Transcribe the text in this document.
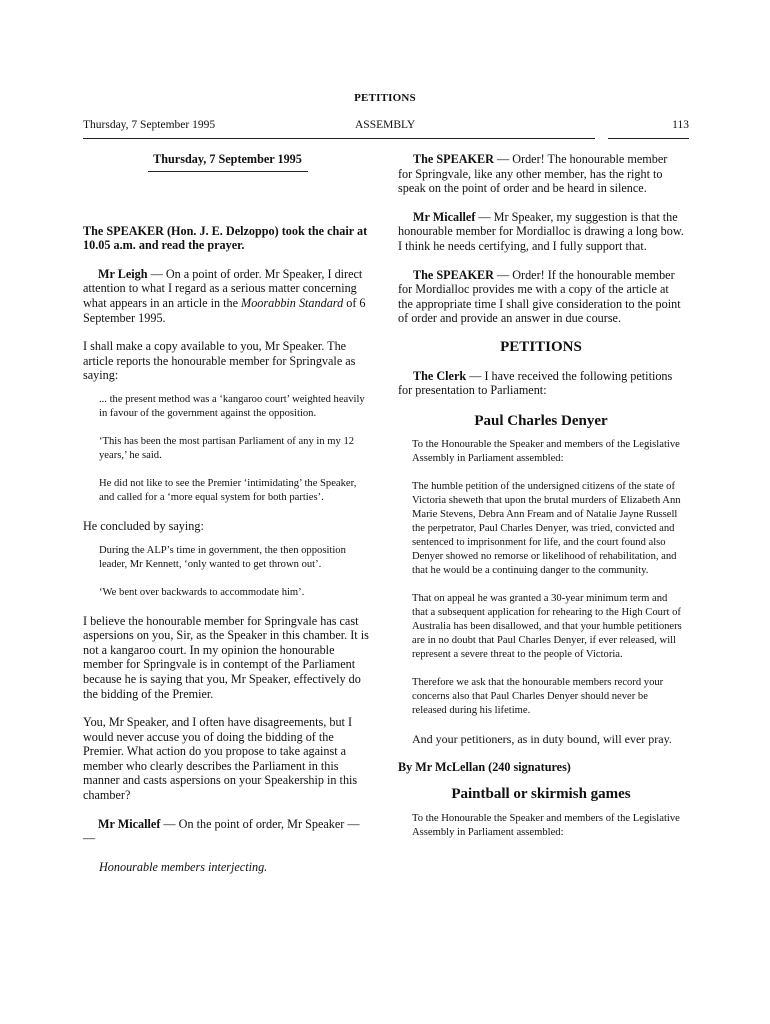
PETITIONS
Thursday, 7 September 1995	ASSEMBLY	113

Thursday, 7 September 1995

The SPEAKER (Hon. J. E. Delzoppo) took the chair at 10.05 a.m. and read the prayer.

Mr Leigh — On a point of order. Mr Speaker, I direct attention to what I regard as a serious matter concerning what appears in an article in the Moorabbin Standard of 6 September 1995.

I shall make a copy available to you, Mr Speaker. The article reports the honourable member for Springvale as saying:

... the present method was a ‘kangaroo court’ weighted heavily in favour of the government against the opposition.

‘This has been the most partisan Parliament of any in my 12 years,’ he said.

He did not like to see the Premier ‘intimidating’ the Speaker, and called for a ‘more equal system for both parties’.

He concluded by saying:

During the ALP’s time in government, the then opposition leader, Mr Kennett, ‘only wanted to get thrown out’.

‘We bent over backwards to accommodate him’.

I believe the honourable member for Springvale has cast aspersions on you, Sir, as the Speaker in this chamber. It is not a kangaroo court. In my opinion the honourable member for Springvale is in contempt of the Parliament because he is saying that you, Mr Speaker, effectively do the bidding of the Premier.

You, Mr Speaker, and I often have disagreements, but I would never accuse you of doing the bidding of the Premier. What action do you propose to take against a member who clearly describes the Parliament in this manner and casts aspersions on your Speakership in this chamber?

Mr Micallef — On the point of order, Mr Speaker — —

Honourable members interjecting.

The SPEAKER — Order! The honourable member for Springvale, like any other member, has the right to speak on the point of order and be heard in silence.

Mr Micallef — Mr Speaker, my suggestion is that the honourable member for Mordialloc is drawing a long bow. I think he needs certifying, and I fully support that.

The SPEAKER — Order! If the honourable member for Mordialloc provides me with a copy of the article at the appropriate time I shall give consideration to the point of order and provide an answer in due course.

PETITIONS

The Clerk — I have received the following petitions for presentation to Parliament:

Paul Charles Denyer

To the Honourable the Speaker and members of the Legislative Assembly in Parliament assembled:

The humble petition of the undersigned citizens of the state of Victoria sheweth that upon the brutal murders of Elizabeth Ann Marie Stevens, Debra Ann Fream and of Natalie Jayne Russell the perpetrator, Paul Charles Denyer, was tried, convicted and sentenced to imprisonment for life, and the court found also Denyer showed no remorse or likelihood of rehabilitation, and that he would be a continuing danger to the community.

That on appeal he was granted a 30-year minimum term and that a subsequent application for rehearing to the High Court of Australia has been disallowed, and that your humble petitioners are in no doubt that Paul Charles Denyer, if ever released, will represent a severe threat to the people of Victoria.

Therefore we ask that the honourable members record your concerns also that Paul Charles Denyer should never be released during his lifetime.

And your petitioners, as in duty bound, will ever pray.

By Mr McLellan (240 signatures)

Paintball or skirmish games

To the Honourable the Speaker and members of the Legislative Assembly in Parliament assembled:
